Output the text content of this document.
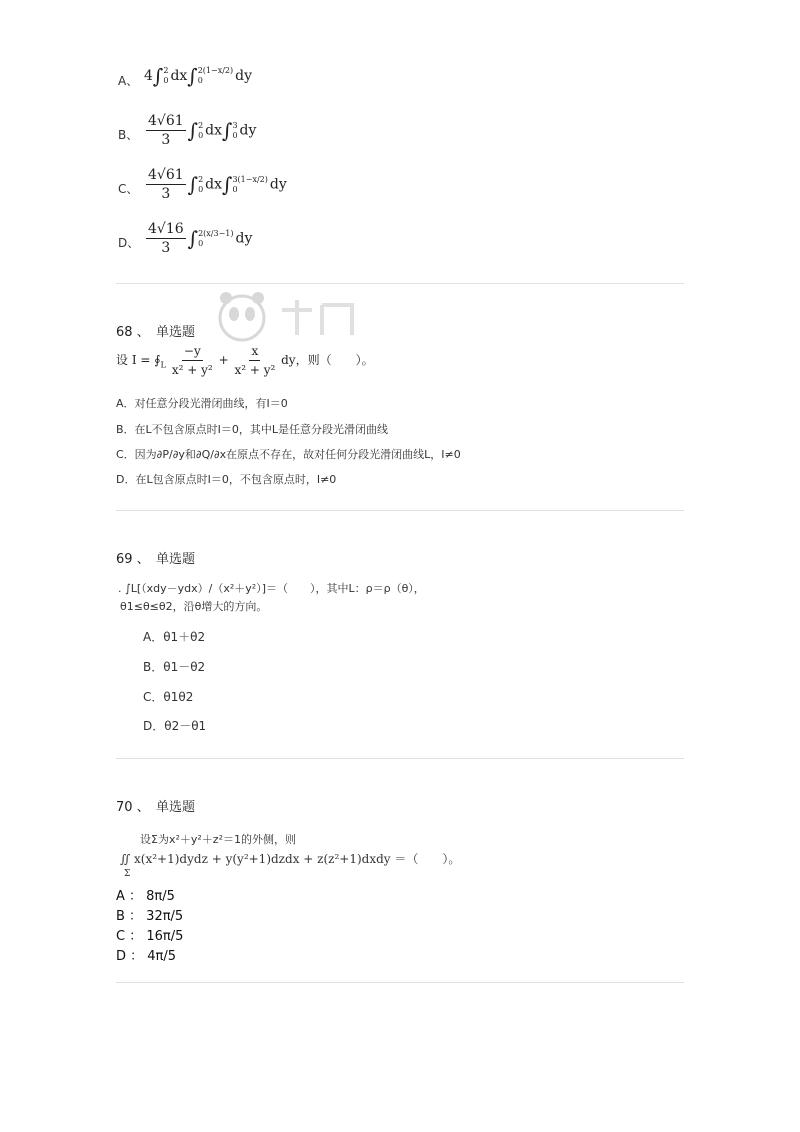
A、 4∫ 2
0 dx∫ 2(1−x/2)
0	dy
B、 $\frac{4√61}{3}$ ∫ 2
0 dx∫ 3
0 dy
C、 $\frac{4√61}{3}$ ∫ 2
0 dx∫ 3(1−x/2)
0	dy
D、 $\frac{4√16}{3}$ ∫ 2(x/3−1)
0	dy
68 、 单选题
设 $I = ∮_L \frac{-y}{\text{x² + y²}} + \frac{x}{\text{x² + y²}}$ dy，则（　　）。
A．对任意分段光滑闭曲线，有I＝0
B．在L不包含原点时I＝0，其中L是任意分段光滑闭曲线
C．因为∂P/∂y和∂Q/∂x在原点不存在，故对任何分段光滑闭曲线L，I≠0
D．在L包含原点时I＝0，不包含原点时，I≠0
69 、 单选题
. ∫L[（xdy－ydx）/（x²＋y²）]＝（　　），其中L：ρ＝ρ（θ），
θ1≤θ≤θ2，沿θ增大的方向。
A．θ1＋θ2
B．θ1－θ2
C．θ1θ2
D．θ2－θ1
70 、 单选题
设Σ为x²＋y²＋z²＝1的外侧，则
∬ x(x²+1)dydz + y(y²+1)dzdx + z(z²+1)dxdy ＝（　　）。
Σ
A ： 8π/5
B ： 32π/5
C ： 16π/5
D ： 4π/5
